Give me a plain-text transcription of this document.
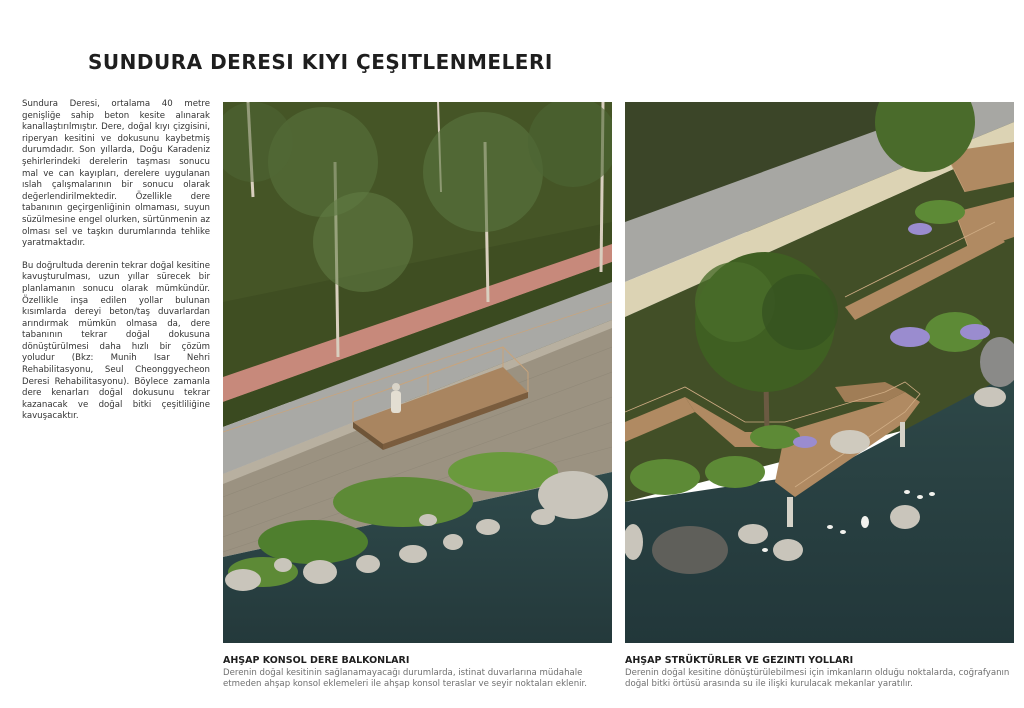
SUNDURA DERESI KIYI ÇEŞITLENMELERI

Sundura Deresi, ortalama 40 metre genişliğe sahip beton kesite alınarak kanallaştırılmıştır. Dere, doğal kıyı çizgisini, riperyan kesitini ve dokusunu kaybetmiş durumdadır. Son yıllarda, Doğu Karadeniz şehirlerindeki derelerin taşması sonucu mal ve can kayıpları, derelere uygulanan ıslah çalışmalarının bir sonucu olarak değerlendirilmektedir. Özellikle dere tabanının geçirgenliğinin olmaması, suyun süzülmesine engel olurken, sürtünmenin az olması sel ve taşkın durumlarında tehlike yaratmaktadır.

Bu doğrultuda derenin tekrar doğal kesitine kavuşturulması, uzun yıllar sürecek bir planlamanın sonucu olarak mümkündür. Özellikle inşa edilen yollar bulunan kısımlarda dereyi beton/taş duvarlardan arındırmak mümkün olmasa da, dere tabanının tekrar doğal dokusuna dönüştürülmesi daha hızlı bir çözüm yoludur (Bkz: Munih Isar Nehri Rehabilitasyonu, Seul Cheonggyecheon Deresi Rehabilitasyonu). Böylece zamanla dere kenarları doğal dokusunu tekrar kazanacak ve doğal bitki çeşitliliğine kavuşacaktır.

AHŞAP KONSOL DERE BALKONLARI

Derenin doğal kesitinin sağlanamayacağı durumlarda, istinat duvarlarına müdahale etmeden ahşap konsol eklemeleri ile ahşap konsol teraslar ve seyir noktaları eklenir.

AHŞAP STRÜKTÜRLER VE GEZINTI YOLLARI

Derenin doğal kesitine dönüştürülebilmesi için imkanların olduğu noktalarda, coğrafyanın doğal bitki örtüsü arasında su ile ilişki kurulacak mekanlar yaratılır.
